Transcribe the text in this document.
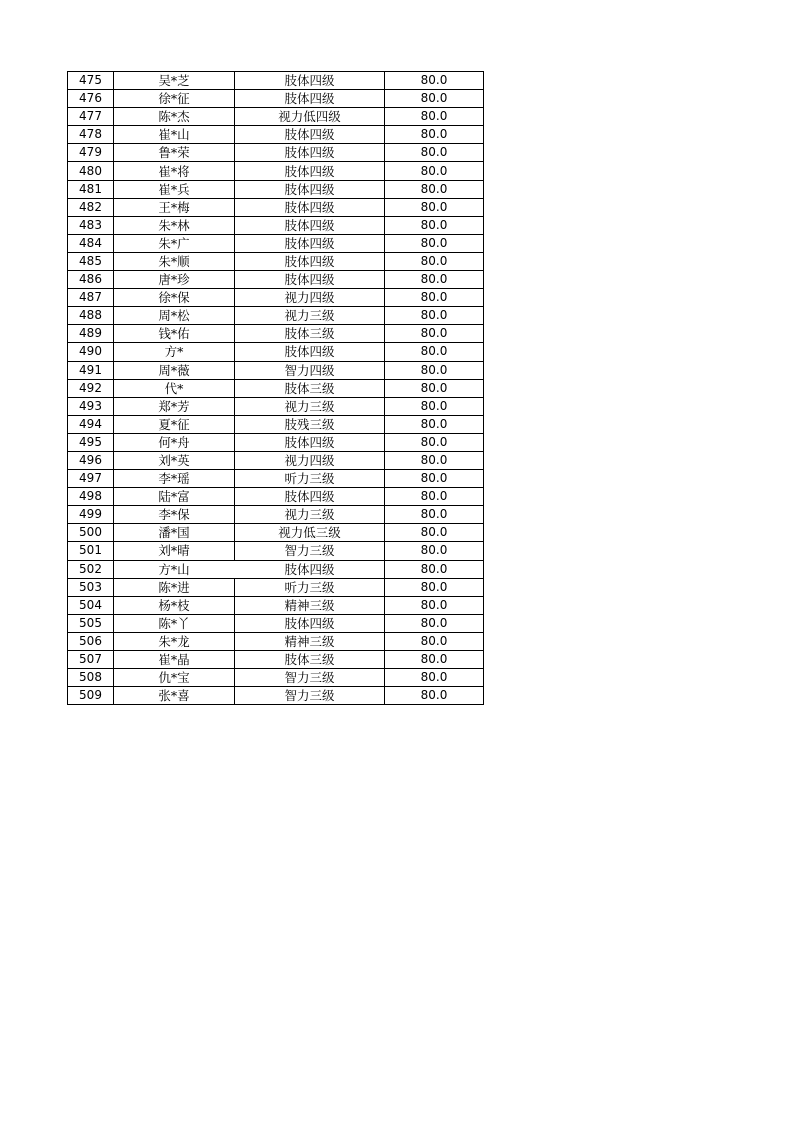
475	吴*芝	肢体四级	80.0
476	徐*征	肢体四级	80.0
477	陈*杰	视力低四级	80.0
478	崔*山	肢体四级	80.0
479	鲁*荣	肢体四级	80.0
480	崔*将	肢体四级	80.0
481	崔*兵	肢体四级	80.0
482	王*梅	肢体四级	80.0
483	朱*林	肢体四级	80.0
484	朱*广	肢体四级	80.0
485	朱*顺	肢体四级	80.0
486	唐*珍	肢体四级	80.0
487	徐*保	视力四级	80.0
488	周*松	视力三级	80.0
489	钱*佑	肢体三级	80.0
490	方*	肢体四级	80.0
491	周*薇	智力四级	80.0
492	代*	肢体三级	80.0
493	郑*芳	视力三级	80.0
494	夏*征	肢残三级	80.0
495	何*舟	肢体四级	80.0
496	刘*英	视力四级	80.0
497	李*瑶	听力三级	80.0
498	陆*富	肢体四级	80.0
499	李*保	视力三级	80.0
500	潘*国	视力低三级	80.0
501	刘*晴	智力三级	80.0
502	方*山	肢体四级	80.0
503	陈*进	听力三级	80.0
504	杨*枝	精神三级	80.0
505	陈*丫	肢体四级	80.0
506	朱*龙	精神三级	80.0
507	崔*晶	肢体三级	80.0
508	仇*宝	智力三级	80.0
509	张*喜	智力三级	80.0
